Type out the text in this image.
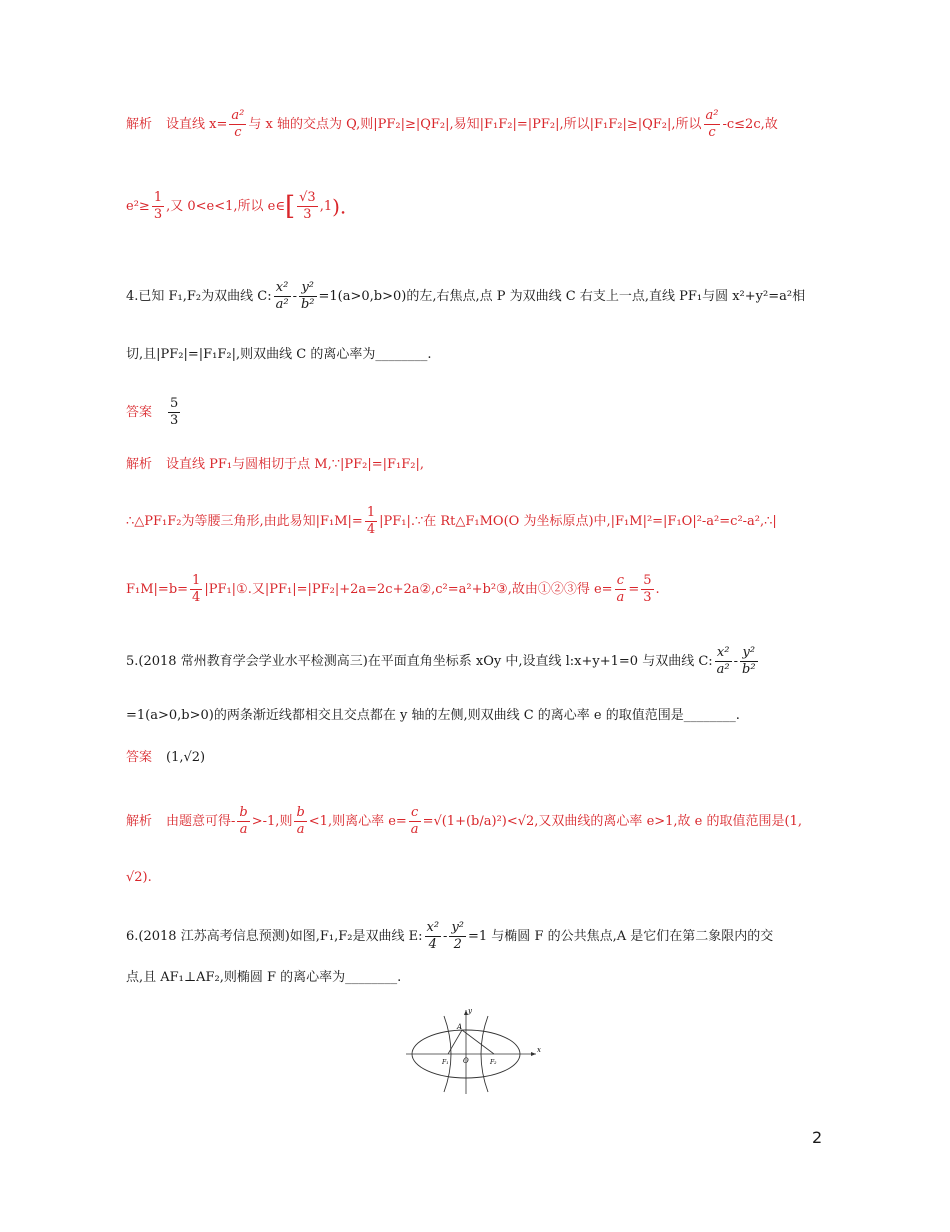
解析 设直线 $x= \frac{\text{a²}}{c}$ 与 x 轴的交点为 Q,则|PF₂|≥|QF₂|,易知|F₁F₂|=|PF₂|,所以|F₁F₂|≥|QF₂|,所以 $\frac{\text{a²}}{c} -c\le 2c$,故
$e^2\ge \frac{1}{3}$ ,又 0<e<1,所以 e∈[ $\frac{√3}{3} ,1$).
4.已知 F₁,F₂为双曲线 C: $\frac{\text{x²}}{\text{a²}} - \frac{\text{y²}}{\text{b²}} =1(a>0,b>0)$的左,右焦点,点 P 为双曲线 C 右支上一点,直线 PF₁与圆 x²+y²=a²相
切,且|PF₂|=|F₁F₂|,则双曲线 C 的离心率为________.
答案 $\frac{5}{3}$
解析 设直线 PF₁与圆相切于点 M,∵|PF₂|=|F₁F₂|,
∴△PF₁F₂为等腰三角形,由此易知$|F_1M|= \frac{1}{4}$ |PF₁|.∵在 Rt△F₁MO(O 为坐标原点)中,|F₁M|²=|F₁O|²-a²=c²-a²,∴|
$F_1M|=b= \frac{1}{4}$ |PF₁|①.又|PF₁|=|PF₂|+2a=2c+2a②,c²=a²+b²③,故由①②③得 $e= \frac{c}{a} = \frac{5}{3}$ .
5.(2018 常州教育学会学业水平检测高三)在平面直角坐标系 xOy 中,设直线 l:x+y+1=0 与双曲线 C: $\frac{\text{x²}}{\text{a²}} - \frac{\text{y²}}{\text{b²}}$
=1(a>0,b>0)的两条渐近线都相交且交点都在 y 轴的左侧,则双曲线 C 的离心率 e 的取值范围是________.
答案 (1,√2)
解析 由题意可得- $\frac{b}{a} >-1$,则 $\frac{b}{a} <1$,则离心率 $e= \frac{c}{a} =√(1+(b/a)^2)<√2$,又双曲线的离心率 e>1,故 e 的取值范围是(1,
√2).
6.(2018 江苏高考信息预测)如图,F₁,F₂是双曲线 E: $\frac{\text{x²}}{4} - \frac{\text{y²}}{2} =1$ 与椭圆 F 的公共焦点,A 是它们在第二象限内的交
点,且 AF₁⊥AF₂,则椭圆 F 的离心率为________.
y
x
A
O
F₁	F₂
2
